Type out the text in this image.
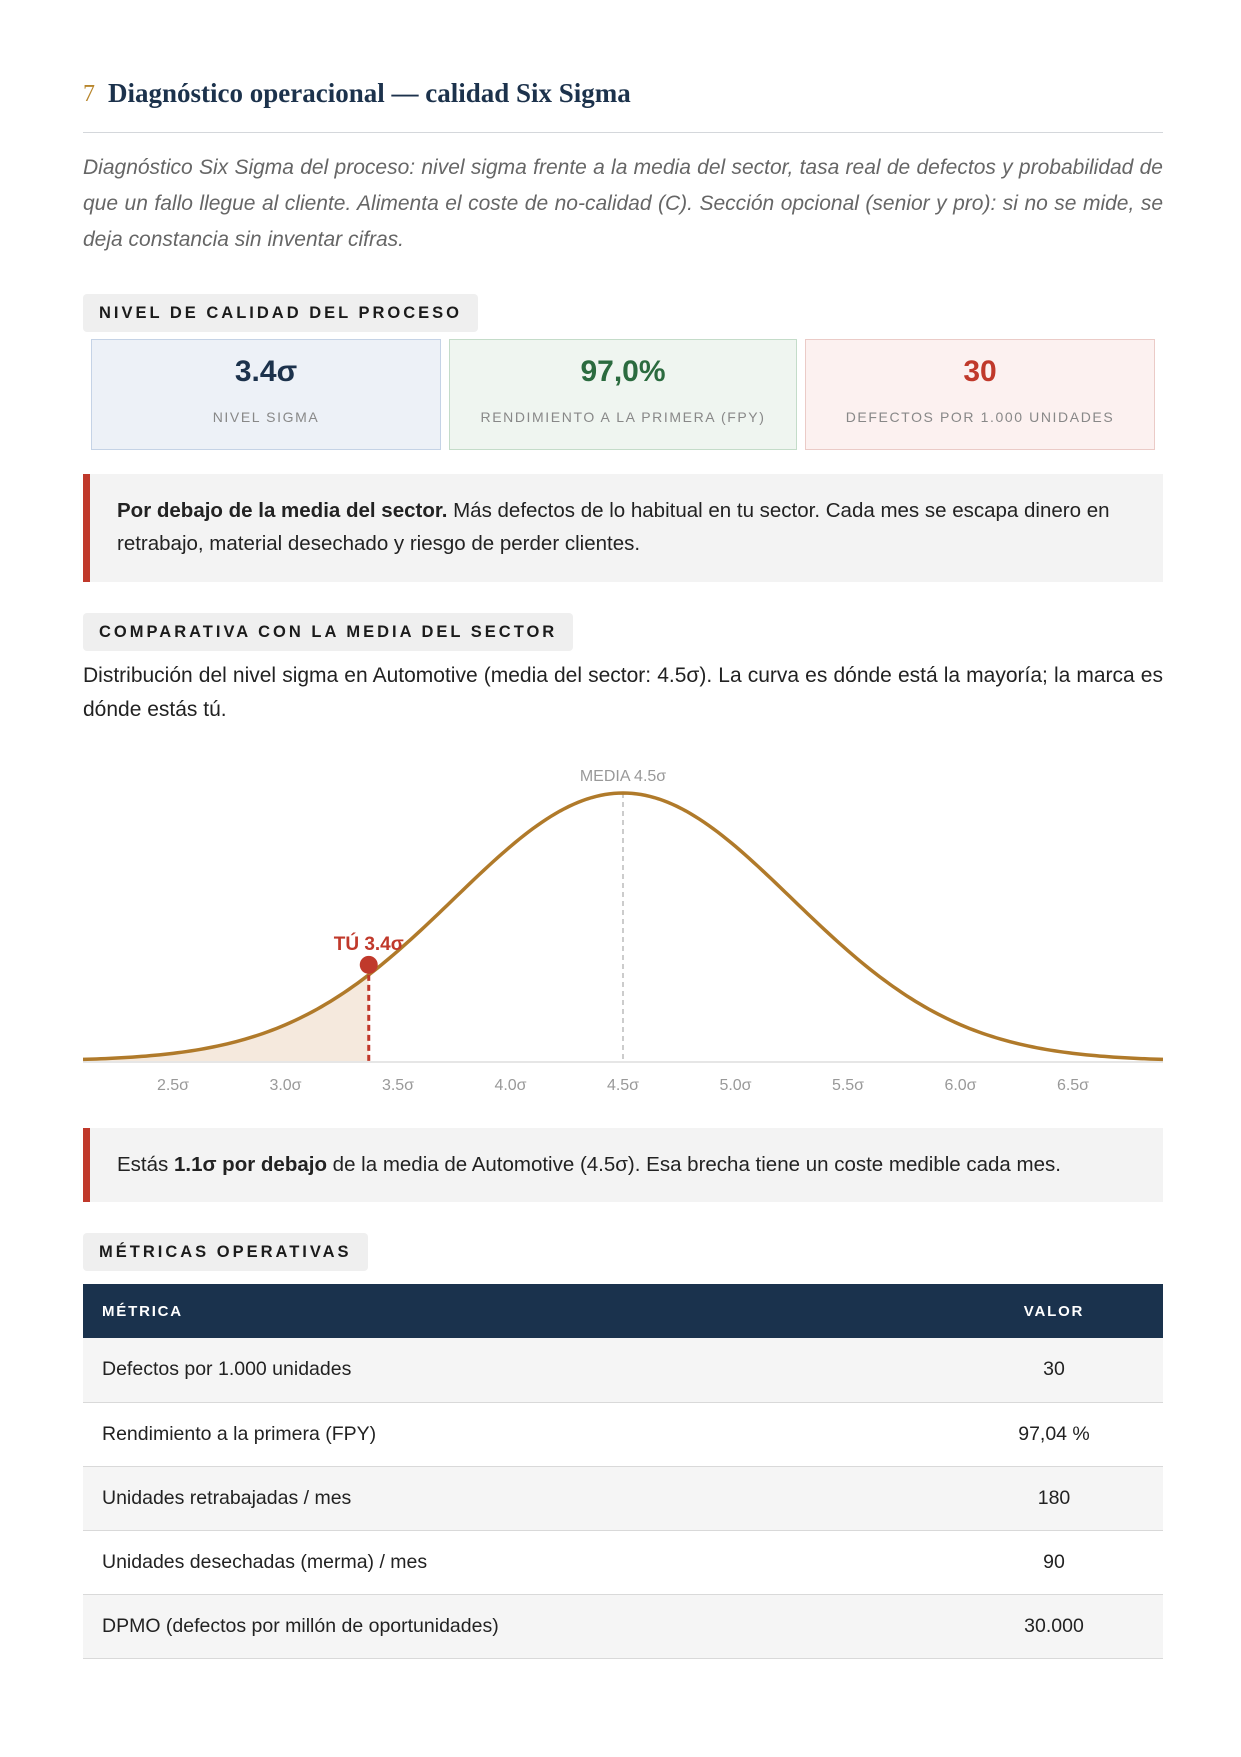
7 Diagnóstico operacional — calidad Six Sigma
Diagnóstico Six Sigma del proceso: nivel sigma frente a la media del sector, tasa real de defectos y probabilidad de que un fallo llegue al cliente. Alimenta el coste de no-calidad (C). Sección opcional (senior y pro): si no se mide, se deja constancia sin inventar cifras.
NIVEL DE CALIDAD DEL PROCESO
3.4σ
NIVEL SIGMA
97,0%
RENDIMIENTO A LA PRIMERA (FPY)
30
DEFECTOS POR 1.000 UNIDADES
Por debajo de la media del sector. Más defectos de lo habitual en tu sector. Cada mes se escapa dinero en retrabajo, material desechado y riesgo de perder clientes.
COMPARATIVA CON LA MEDIA DEL SECTOR
Distribución del nivel sigma en Automotive (media del sector: 4.5σ). La curva es dónde está la mayoría; la marca es dónde estás tú.
MEDIA 4.5σ
TÚ 3.4σ
2.5σ	3.0σ	3.5σ	4.0σ	4.5σ	5.0σ	5.5σ	6.0σ	6.5σ
Estás 1.1σ por debajo de la media de Automotive (4.5σ). Esa brecha tiene un coste medible cada mes.
MÉTRICAS OPERATIVAS
MÉTRICA	VALOR
Defectos por 1.000 unidades	30
Rendimiento a la primera (FPY)	97,04 %
Unidades retrabajadas / mes	180
Unidades desechadas (merma) / mes	90
DPMO (defectos por millón de oportunidades)	30.000
